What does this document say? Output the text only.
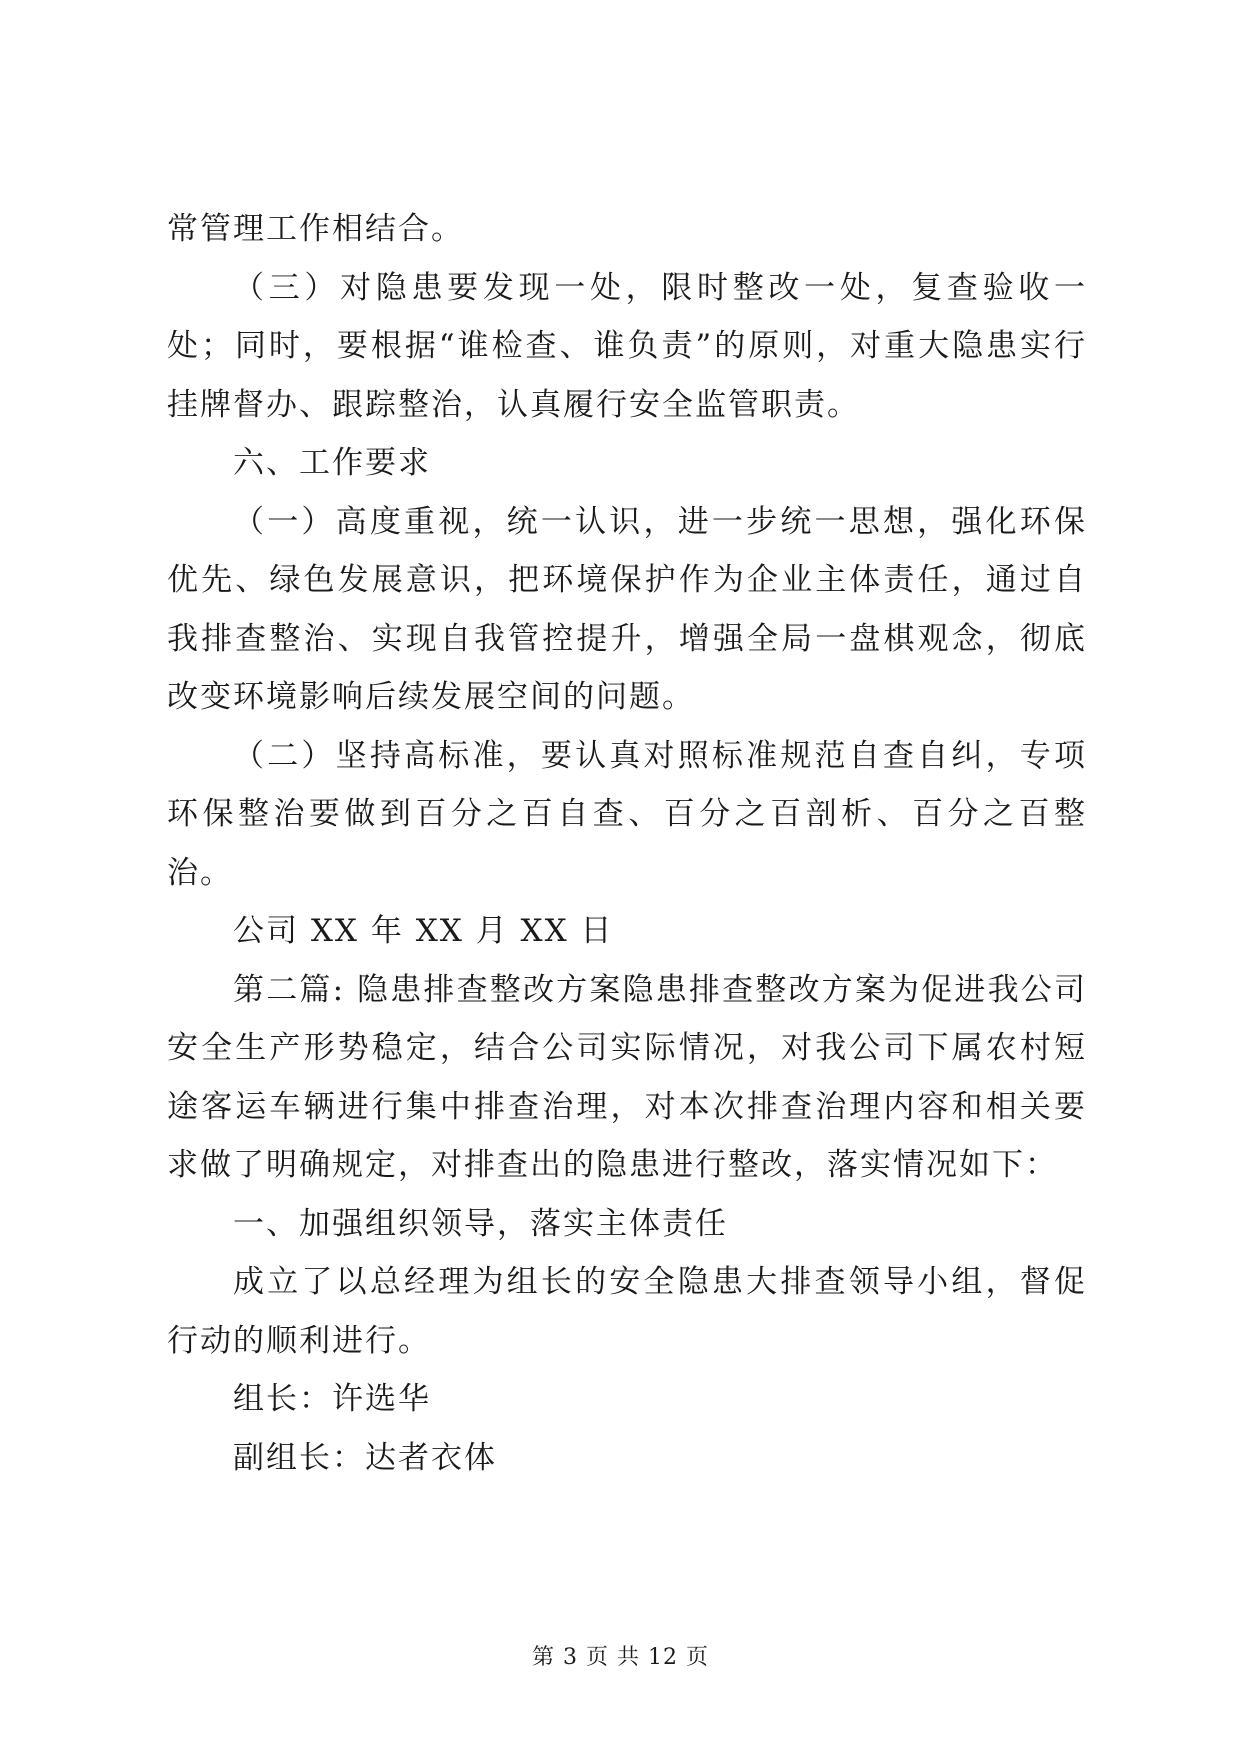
常管理工作相结合。

（三）对隐患要发现一处，限时整改一处，复查验收一处；同时，要根据“谁检查、谁负责”的原则，对重大隐患实行挂牌督办、跟踪整治，认真履行安全监管职责。

六、工作要求

（一）高度重视，统一认识，进一步统一思想，强化环保优先、绿色发展意识，把环境保护作为企业主体责任，通过自我排查整治、实现自我管控提升，增强全局一盘棋观念，彻底改变环境影响后续发展空间的问题。

（二）坚持高标准，要认真对照标准规范自查自纠，专项环保整治要做到百分之百自查、百分之百剖析、百分之百整治。

公司 XX 年 XX 月 XX 日

第二篇: 隐患排查整改方案隐患排查整改方案为促进我公司安全生产形势稳定，结合公司实际情况，对我公司下属农村短途客运车辆进行集中排查治理，对本次排查治理内容和相关要求做了明确规定，对排查出的隐患进行整改，落实情况如下：

一、加强组织领导，落实主体责任

成立了以总经理为组长的安全隐患大排查领导小组，督促行动的顺利进行。

组长：许选华

副组长：达者衣体

第 3 页 共 12 页
